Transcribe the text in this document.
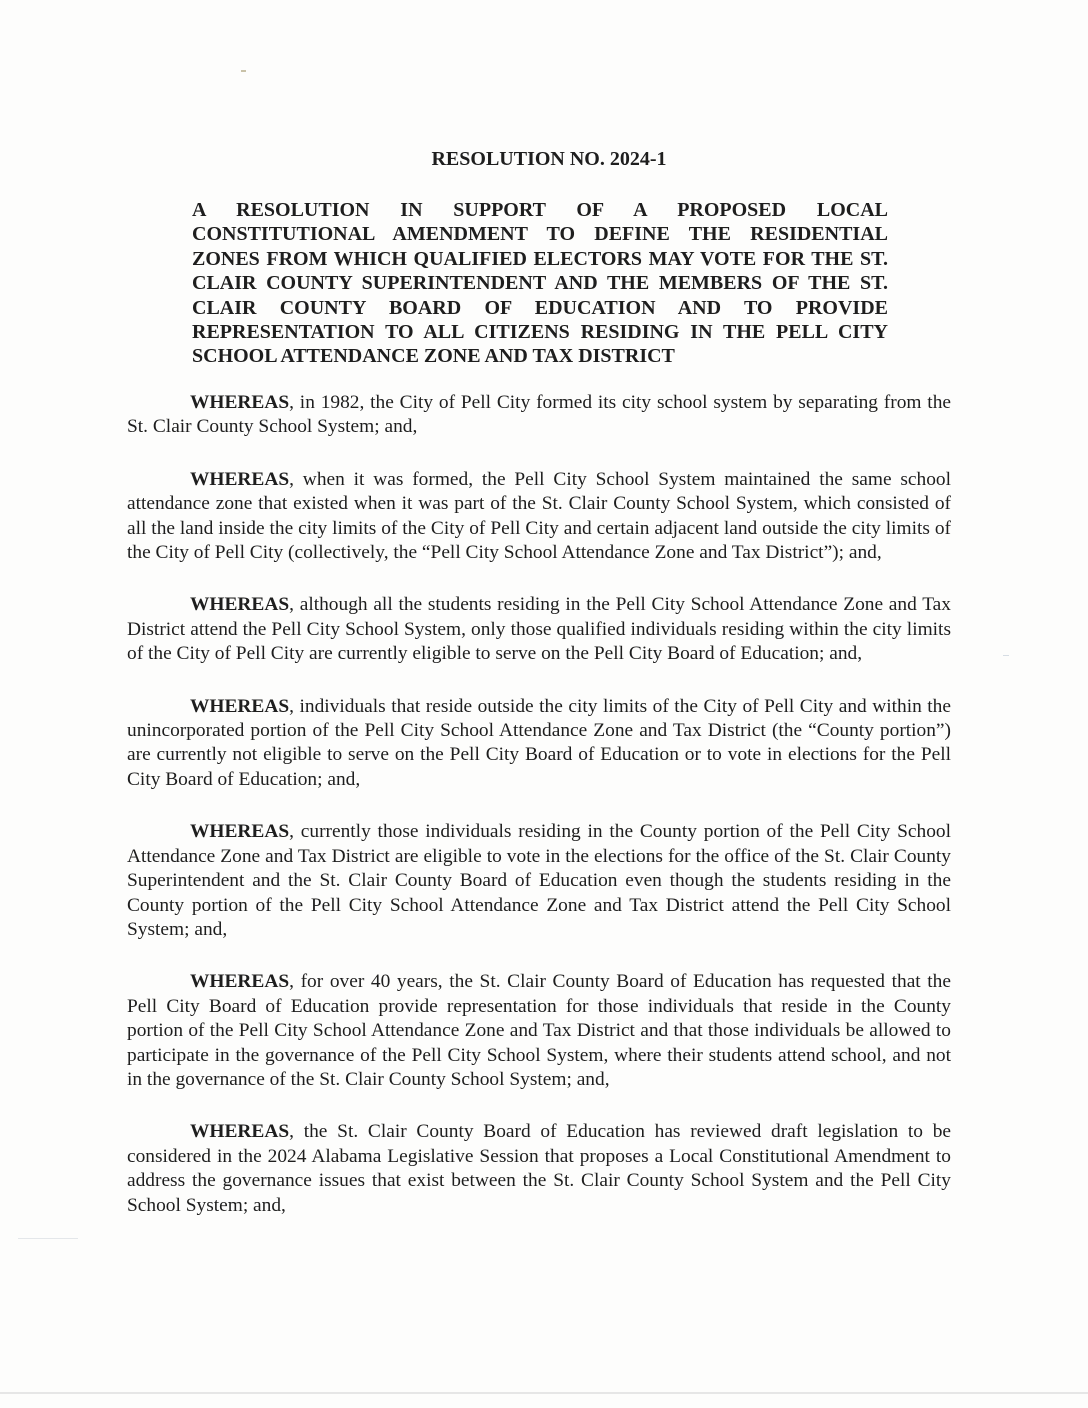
RESOLUTION NO. 2024-1
A RESOLUTION IN SUPPORT OF A PROPOSED LOCAL CONSTITUTIONAL AMENDMENT TO DEFINE THE RESIDENTIAL ZONES FROM WHICH QUALIFIED ELECTORS MAY VOTE FOR THE ST. CLAIR COUNTY SUPERINTENDENT AND THE MEMBERS OF THE ST. CLAIR COUNTY BOARD OF EDUCATION AND TO PROVIDE REPRESENTATION TO ALL CITIZENS RESIDING IN THE PELL CITY SCHOOL ATTENDANCE ZONE AND TAX DISTRICT

WHEREAS, in 1982, the City of Pell City formed its city school system by separating from the St. Clair County School System; and,

WHEREAS, when it was formed, the Pell City School System maintained the same school attendance zone that existed when it was part of the St. Clair County School System, which consisted of all the land inside the city limits of the City of Pell City and certain adjacent land outside the city limits of the City of Pell City (collectively, the “Pell City School Attendance Zone and Tax District”); and,

WHEREAS, although all the students residing in the Pell City School Attendance Zone and Tax District attend the Pell City School System, only those qualified individuals residing within the city limits of the City of Pell City are currently eligible to serve on the Pell City Board of Education; and,

WHEREAS, individuals that reside outside the city limits of the City of Pell City and within the unincorporated portion of the Pell City School Attendance Zone and Tax District (the “County portion”) are currently not eligible to serve on the Pell City Board of Education or to vote in elections for the Pell City Board of Education; and,

WHEREAS, currently those individuals residing in the County portion of the Pell City School Attendance Zone and Tax District are eligible to vote in the elections for the office of the St. Clair County Superintendent and the St. Clair County Board of Education even though the students residing in the County portion of the Pell City School Attendance Zone and Tax District attend the Pell City School System; and,

WHEREAS, for over 40 years, the St. Clair County Board of Education has requested that the Pell City Board of Education provide representation for those individuals that reside in the County portion of the Pell City School Attendance Zone and Tax District and that those individuals be allowed to participate in the governance of the Pell City School System, where their students attend school, and not in the governance of the St. Clair County School System; and,

WHEREAS, the St. Clair County Board of Education has reviewed draft legislation to be considered in the 2024 Alabama Legislative Session that proposes a Local Constitutional Amendment to address the governance issues that exist between the St. Clair County School System and the Pell City School System; and,
